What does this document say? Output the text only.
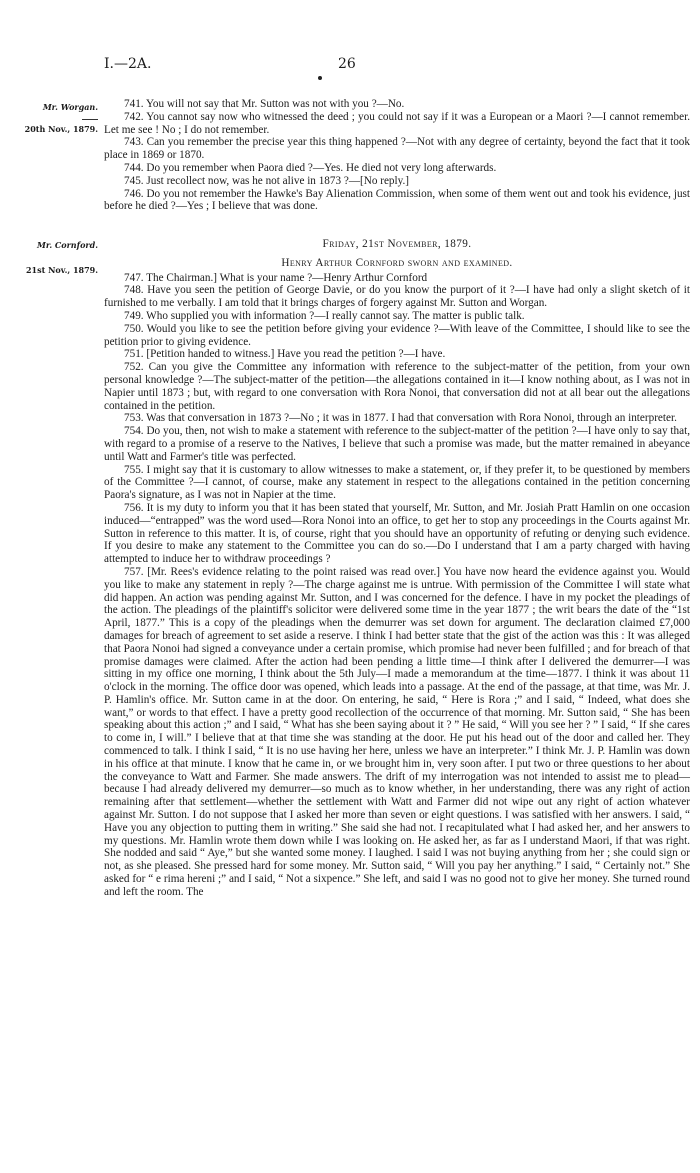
I.—2A.	26
Mr. Worgan.
20th Nov., 1879.

741. You will not say that Mr. Sutton was not with you ?—No.

742. You cannot say now who witnessed the deed ; you could not say if it was a European or a Maori ?—I cannot remember. Let me see ! No ; I do not remember.

743. Can you remember the precise year this thing happened ?—Not with any degree of certainty, beyond the fact that it took place in 1869 or 1870.

744. Do you remember when Paora died ?—Yes. He died not very long afterwards.

745. Just recollect now, was he not alive in 1873 ?—[No reply.]

746. Do you not remember the Hawke's Bay Alienation Commission, when some of them went out and took his evidence, just before he died ?—Yes ; I believe that was done.

Mr. Cornford.
21st Nov., 1879.

Friday, 21st November, 1879.

Henry Arthur Cornford sworn and examined.

747. The Chairman.] What is your name ?—Henry Arthur Cornford

748. Have you seen the petition of George Davie, or do you know the purport of it ?—I have had only a slight sketch of it furnished to me verbally. I am told that it brings charges of forgery against Mr. Sutton and Worgan.

749. Who supplied you with information ?—I really cannot say. The matter is public talk.

750. Would you like to see the petition before giving your evidence ?—With leave of the Committee, I should like to see the petition prior to giving evidence.

751. [Petition handed to witness.] Have you read the petition ?—I have.

752. Can you give the Committee any information with reference to the subject-matter of the petition, from your own personal knowledge ?—The subject-matter of the petition—the allegations contained in it—I know nothing about, as I was not in Napier until 1873 ; but, with regard to one conversation with Rora Nonoi, that conversation did not at all bear out the allegations contained in the petition.

753. Was that conversation in 1873 ?—No ; it was in 1877. I had that conversation with Rora Nonoi, through an interpreter.

754. Do you, then, not wish to make a statement with reference to the subject-matter of the petition ?—I have only to say that, with regard to a promise of a reserve to the Natives, I believe that such a promise was made, but the matter remained in abeyance until Watt and Farmer's title was perfected.

755. I might say that it is customary to allow witnesses to make a statement, or, if they prefer it, to be questioned by members of the Committee ?—I cannot, of course, make any statement in respect to the allegations contained in the petition concerning Paora's signature, as I was not in Napier at the time.

756. It is my duty to inform you that it has been stated that yourself, Mr. Sutton, and Mr. Josiah Pratt Hamlin on one occasion induced—“entrapped” was the word used—Rora Nonoi into an office, to get her to stop any proceedings in the Courts against Mr. Sutton in reference to this matter. It is, of course, right that you should have an opportunity of refuting or denying such evidence. If you desire to make any statement to the Committee you can do so.—Do I understand that I am a party charged with having attempted to induce her to withdraw proceedings ?

757. [Mr. Rees's evidence relating to the point raised was read over.] You have now heard the evidence against you. Would you like to make any statement in reply ?—The charge against me is untrue. With permission of the Committee I will state what did happen. An action was pending against Mr. Sutton, and I was concerned for the defence. I have in my pocket the pleadings of the action. The pleadings of the plaintiff's solicitor were delivered some time in the year 1877 ; the writ bears the date of the “1st April, 1877.” This is a copy of the pleadings when the demurrer was set down for argument. The declaration claimed £7,000 damages for breach of agreement to set aside a reserve. I think I had better state that the gist of the action was this : It was alleged that Paora Nonoi had signed a conveyance under a certain promise, which promise had never been fulfilled ; and for breach of that promise damages were claimed. After the action had been pending a little time—I think after I delivered the demurrer—I was sitting in my office one morning, I think about the 5th July—I made a memorandum at the time—1877. I think it was about 11 o'clock in the morning. The office door was opened, which leads into a passage. At the end of the passage, at that time, was Mr. J. P. Hamlin's office. Mr. Sutton came in at the door. On entering, he said, “ Here is Rora ;” and I said, “ Indeed, what does she want,” or words to that effect. I have a pretty good recollection of the occurrence of that morning. Mr. Sutton said, “ She has been speaking about this action ;” and I said, “ What has she been saying about it ? ” He said, “ Will you see her ? ” I said, “ If she cares to come in, I will.” I believe that at that time she was standing at the door. He put his head out of the door and called her. They commenced to talk. I think I said, “ It is no use having her here, unless we have an interpreter.” I think Mr. J. P. Hamlin was down in his office at that minute. I know that he came in, or we brought him in, very soon after. I put two or three questions to her about the conveyance to Watt and Farmer. She made answers. The drift of my interrogation was not intended to assist me to plead—because I had already delivered my demurrer—so much as to know whether, in her understanding, there was any right of action remaining after that settlement—whether the settlement with Watt and Farmer did not wipe out any right of action whatever against Mr. Sutton. I do not suppose that I asked her more than seven or eight questions. I was satisfied with her answers. I said, “ Have you any objection to putting them in writing.” She said she had not. I recapitulated what I had asked her, and her answers to my questions. Mr. Hamlin wrote them down while I was looking on. He asked her, as far as I understand Maori, if that was right. She nodded and said “ Aye,” but she wanted some money. I laughed. I said I was not buying anything from her ; she could sign or not, as she pleased. She pressed hard for some money. Mr. Sutton said, “ Will you pay her anything.” I said, “ Certainly not.” She asked for “ e rima hereni ;” and I said, “ Not a sixpence.” She left, and said I was no good not to give her money. She turned round and left the room. The
